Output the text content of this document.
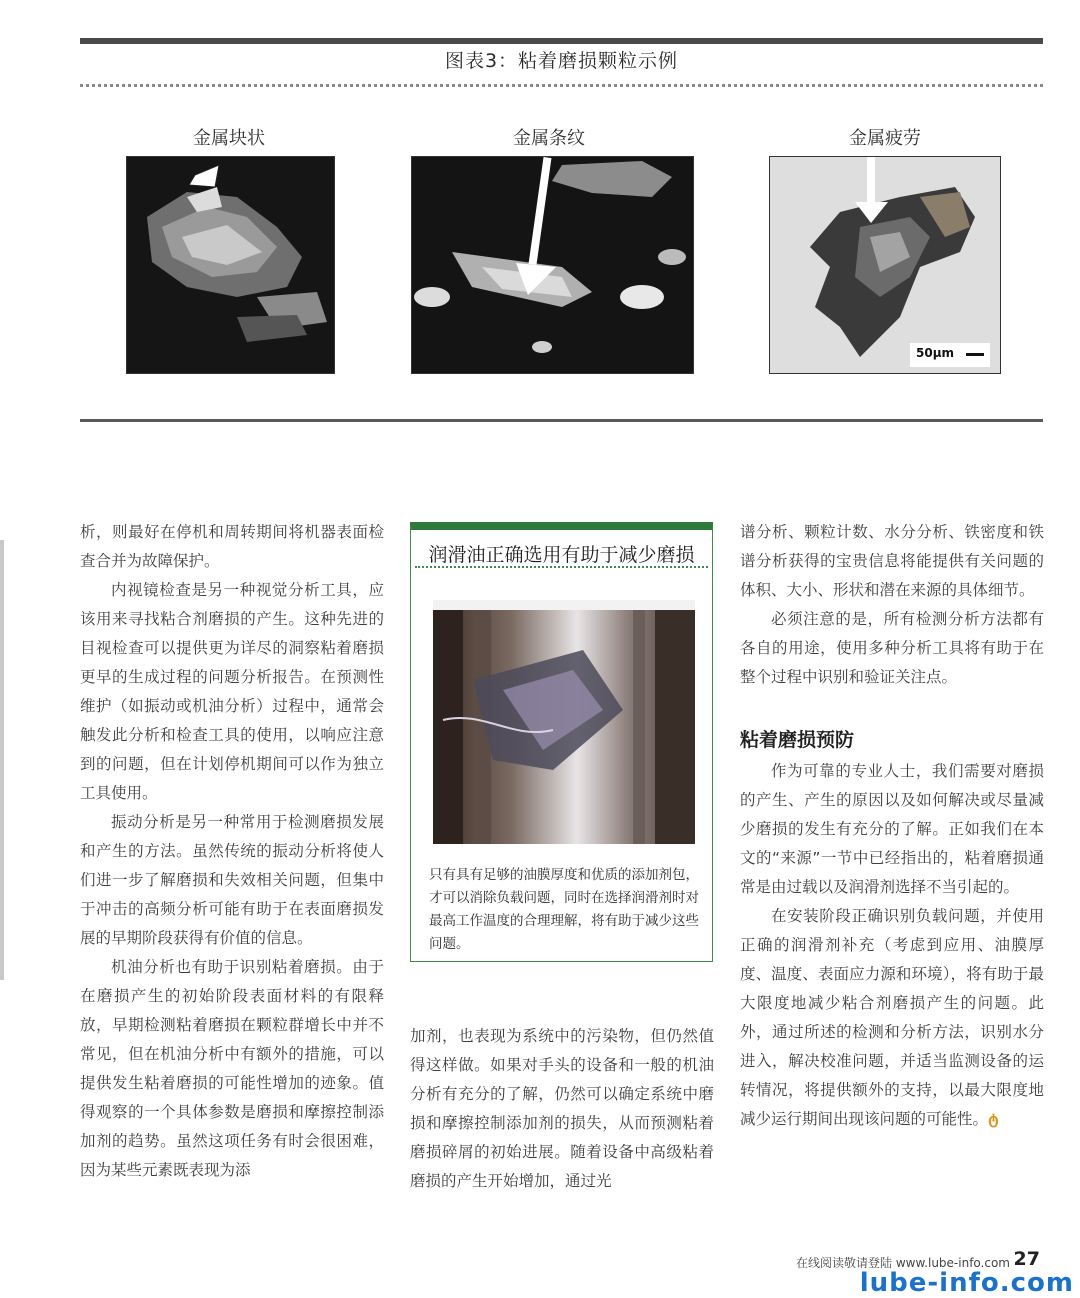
图表3：粘着磨损颗粒示例
金属块状	金属条纹	金属疲劳
50μm

析，则最好在停机和周转期间将机器表面检查合并为故障保护。

内视镜检查是另一种视觉分析工具，应该用来寻找粘合剂磨损的产生。这种先进的目视检查可以提供更为详尽的洞察粘着磨损更早的生成过程的问题分析报告。在预测性维护（如振动或机油分析）过程中，通常会触发此分析和检查工具的使用，以响应注意到的问题，但在计划停机期间可以作为独立工具使用。

振动分析是另一种常用于检测磨损发展和产生的方法。虽然传统的振动分析将使人们进一步了解磨损和失效相关问题，但集中于冲击的高频分析可能有助于在表面磨损发展的早期阶段获得有价值的信息。

机油分析也有助于识别粘着磨损。由于在磨损产生的初始阶段表面材料的有限释放，早期检测粘着磨损在颗粒群增长中并不常见，但在机油分析中有额外的措施，可以提供发生粘着磨损的可能性增加的迹象。值得观察的一个具体参数是磨损和摩擦控制添加剂的趋势。虽然这项任务有时会很困难，因为某些元素既表现为添

润滑油正确选用有助于减少磨损
只有具有足够的油膜厚度和优质的添加剂包，才可以消除负载问题，同时在选择润滑剂时对最高工作温度的合理理解，将有助于减少这些问题。

加剂，也表现为系统中的污染物，但仍然值得这样做。如果对手头的设备和一般的机油分析有充分的了解，仍然可以确定系统中磨损和摩擦控制添加剂的损失，从而预测粘着磨损碎屑的初始进展。随着设备中高级粘着磨损的产生开始增加，通过光

谱分析、颗粒计数、水分分析、铁密度和铁谱分析获得的宝贵信息将能提供有关问题的体积、大小、形状和潜在来源的具体细节。

必须注意的是，所有检测分析方法都有各自的用途，使用多种分析工具将有助于在整个过程中识别和验证关注点。

粘着磨损预防

作为可靠的专业人士，我们需要对磨损的产生、产生的原因以及如何解决或尽量减少磨损的发生有充分的了解。正如我们在本文的“来源”一节中已经指出的，粘着磨损通常是由过载以及润滑剂选择不当引起的。

在安装阶段正确识别负载问题，并使用正确的润滑剂补充（考虑到应用、油膜厚度、温度、表面应力源和环境），将有助于最大限度地减少粘合剂磨损产生的问题。此外，通过所述的检测和分析方法，识别水分进入，解决校准问题，并适当监测设备的运转情况，将提供额外的支持，以最大限度地减少运行期间出现该问题的可能性。ტ

在线阅读敬请登陆 www.lube-info.com 27
lube-info.com
